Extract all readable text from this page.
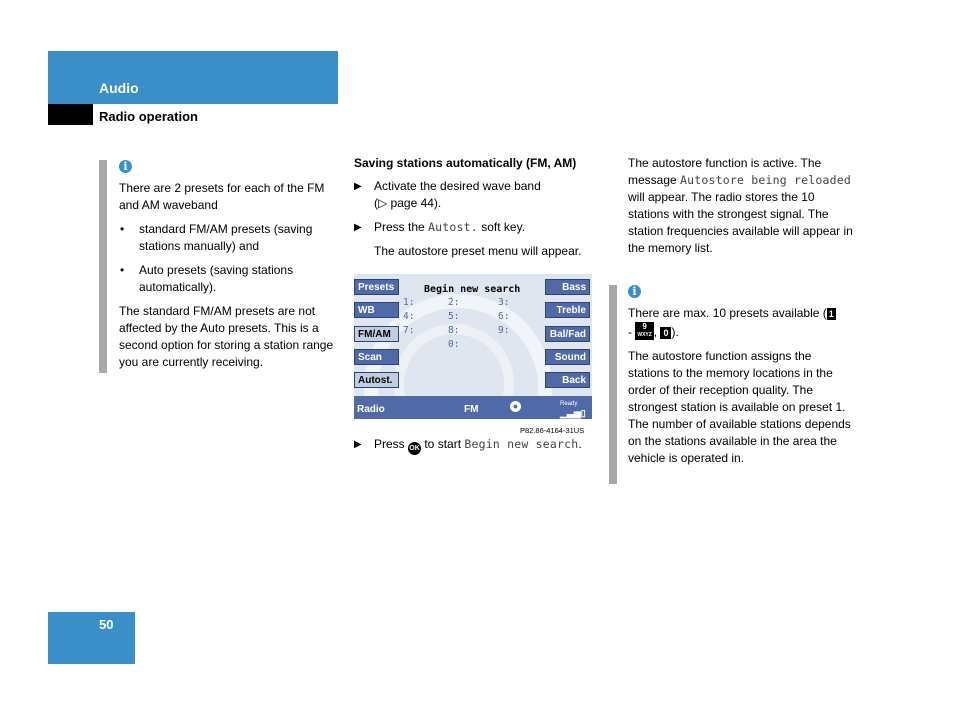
Audio
Radio operation
i

There are 2 presets for each of the FM and AM waveband

• standard FM/AM presets (saving stations manually) and
• Auto presets (saving stations automatically).

The standard FM/AM presets are not affected by the Auto presets. This is a second option for storing a station range you are currently receiving.

Saving stations automatically (FM, AM)

▶ Activate the desired wave band
(▷ page 44).
▶ Press the Autost. soft key.

The autostore preset menu will appear.

Begin new search
Presets
WB
FM/AM
Scan
Autost.
Bass
Treble
Bal/Fad
Sound
Back
1:
4:
7:
2:
5:
8:
0:
3:
6:
9:
Radio	FM	●	Ready
▁▃▅▯
P82.86-4164-31US
▶ Press OK to start Begin new search.

The autostore function is active. The message Autostore being reloaded will appear. The radio stores the 10 stations with the strongest signal. The station frequencies available will appear in the memory list.

i

There are max. 10 presets available ( 1
- 9
WXYZ , 0 ).

The autostore function assigns the stations to the memory locations in the order of their reception quality. The strongest station is available on preset 1. The number of available stations depends on the stations available in the area the vehicle is operated in.

50
